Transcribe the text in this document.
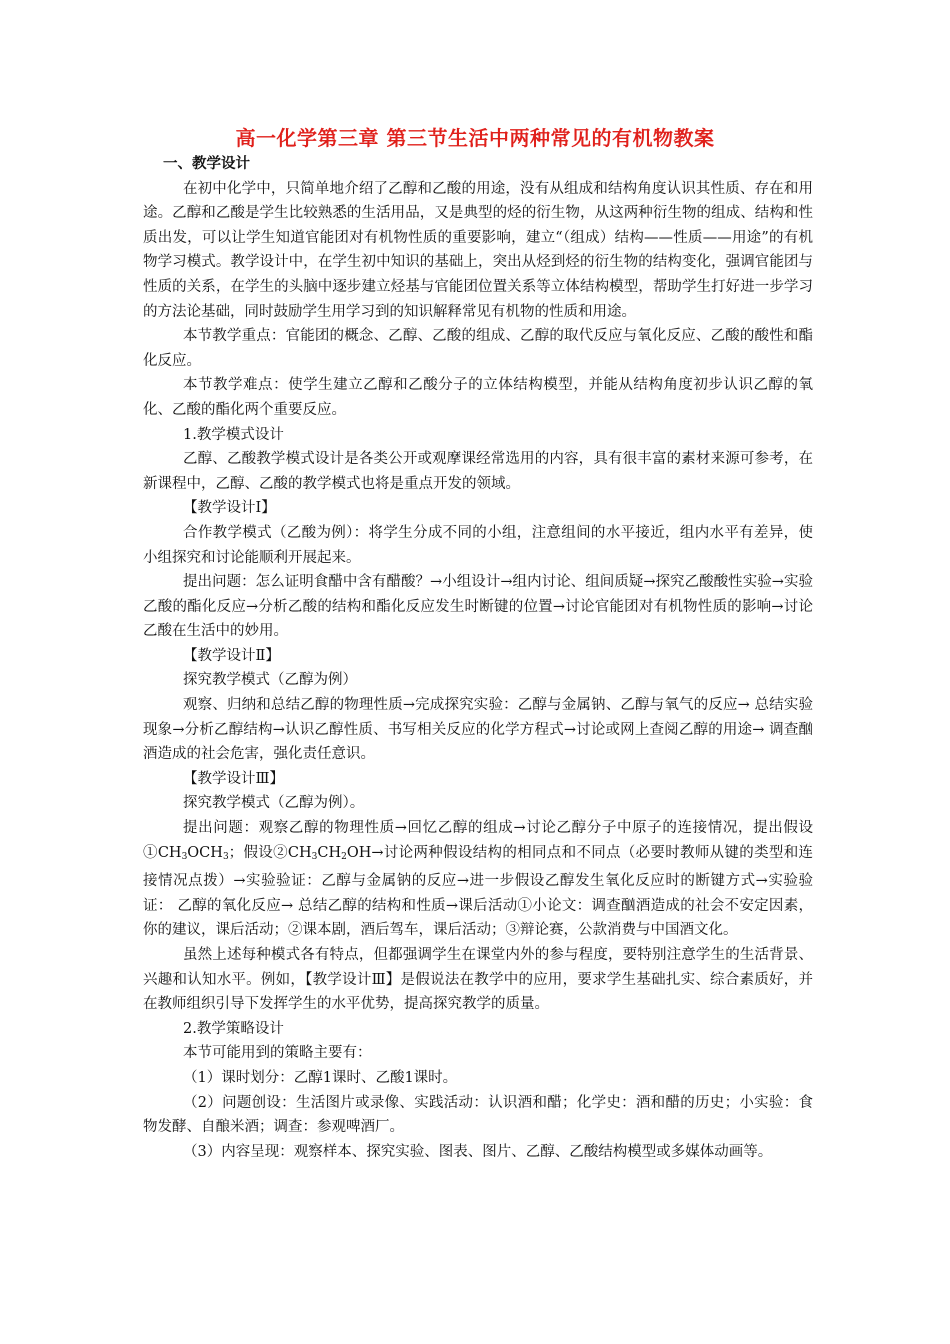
高一化学第三章 第三节生活中两种常见的有机物教案

一、教学设计

在初中化学中，只简单地介绍了乙醇和乙酸的用途，没有从组成和结构角度认识其性质、存在和用途。乙醇和乙酸是学生比较熟悉的生活用品，又是典型的烃的衍生物，从这两种衍生物的组成、结构和性质出发，可以让学生知道官能团对有机物性质的重要影响，建立“（组成）结构——性质——用途”的有机物学习模式。教学设计中，在学生初中知识的基础上，突出从烃到烃的衍生物的结构变化，强调官能团与性质的关系，在学生的头脑中逐步建立烃基与官能团位置关系等立体结构模型，帮助学生打好进一步学习的方法论基础，同时鼓励学生用学习到的知识解释常见有机物的性质和用途。

本节教学重点：官能团的概念、乙醇、乙酸的组成、乙醇的取代反应与氧化反应、乙酸的酸性和酯化反应。

本节教学难点：使学生建立乙醇和乙酸分子的立体结构模型，并能从结构角度初步认识乙醇的氧化、乙酸的酯化两个重要反应。

1.教学模式设计

乙醇、乙酸教学模式设计是各类公开或观摩课经常选用的内容，具有很丰富的素材来源可参考，在新课程中，乙醇、乙酸的教学模式也将是重点开发的领域。

【教学设计Ⅰ】

合作教学模式（乙酸为例）：将学生分成不同的小组，注意组间的水平接近，组内水平有差异，使小组探究和讨论能顺利开展起来。

提出问题：怎么证明食醋中含有醋酸？→小组设计→组内讨论、组间质疑→探究乙酸酸性实验→实验乙酸的酯化反应→分析乙酸的结构和酯化反应发生时断键的位置→讨论官能团对有机物性质的影响→讨论乙酸在生活中的妙用。

【教学设计Ⅱ】

探究教学模式（乙醇为例）

观察、归纳和总结乙醇的物理性质→完成探究实验：乙醇与金属钠、乙醇与氧气的反应→ 总结实验现象→分析乙醇结构→认识乙醇性质、书写相关反应的化学方程式→讨论或网上查阅乙醇的用途→ 调查酗酒造成的社会危害，强化责任意识。

【教学设计Ⅲ】

探究教学模式（乙醇为例）。

提出问题：观察乙醇的物理性质→回忆乙醇的组成→讨论乙醇分子中原子的连接情况，提出假设$①CH_3OCH_3$；假设$②CH_3CH_2OH\to$讨论两种假设结构的相同点和不同点（必要时教师从键的类型和连接情况点拨）→实验验证：乙醇与金属钠的反应→进一步假设乙醇发生氧化反应时的断键方式→实验验证： 乙醇的氧化反应→ 总结乙醇的结构和性质→课后活动①小论文：调查酗酒造成的社会不安定因素，你的建议，课后活动；②课本剧，酒后驾车，课后活动；③辩论赛，公款消费与中国酒文化。

虽然上述每种模式各有特点，但都强调学生在课堂内外的参与程度，要特别注意学生的生活背景、兴趣和认知水平。例如，【教学设计Ⅲ】是假说法在教学中的应用，要求学生基础扎实、综合素质好，并在教师组织引导下发挥学生的水平优势，提高探究教学的质量。

2.教学策略设计

本节可能用到的策略主要有：

（1）课时划分：乙醇1课时、乙酸1课时。

（2）问题创设：生活图片或录像、实践活动：认识酒和醋；化学史：酒和醋的历史；小实验：食物发酵、自酿米酒；调查：参观啤酒厂。

（3）内容呈现：观察样本、探究实验、图表、图片、乙醇、乙酸结构模型或多媒体动画等。
